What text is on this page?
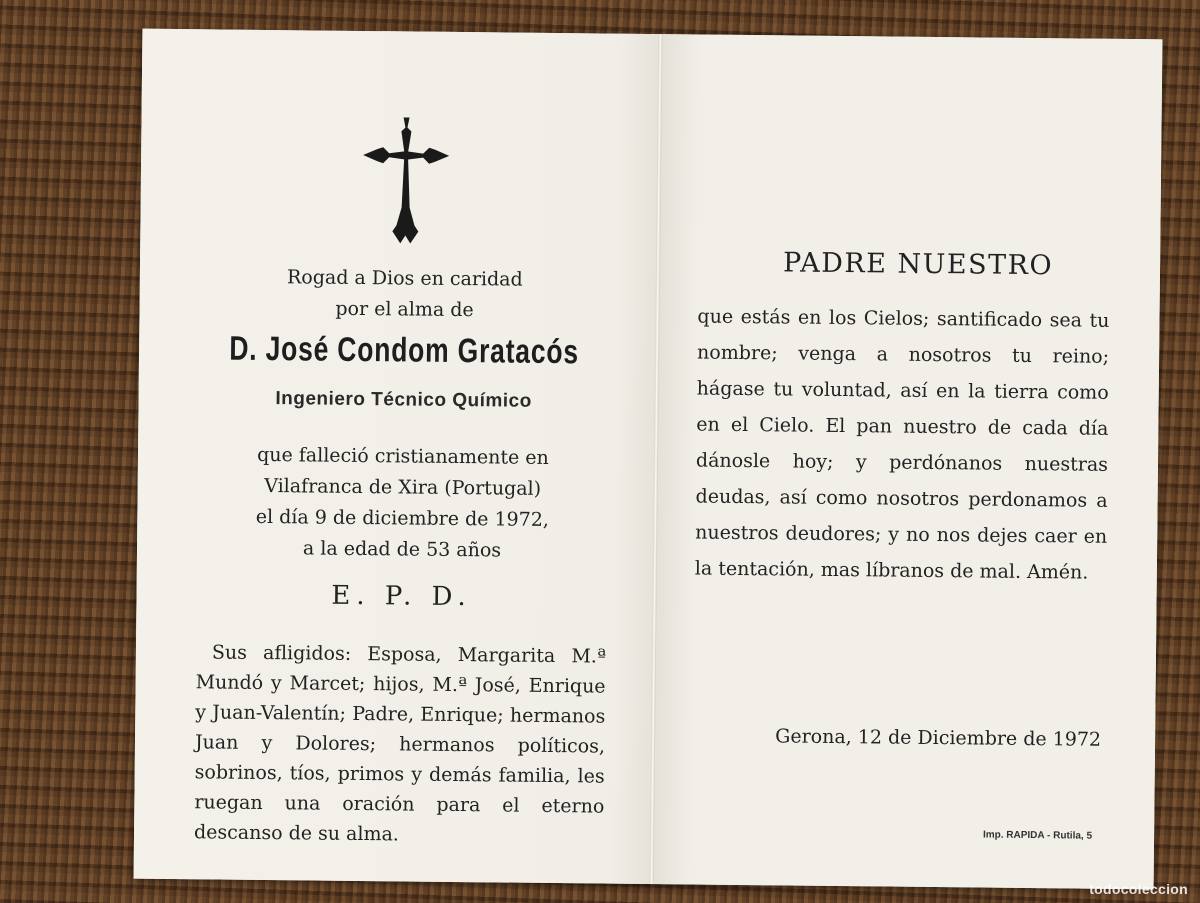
Rogad a Dios en caridad
por el alma de
D. José Condom Gratacós
Ingeniero Técnico Químico
que falleció cristianamente en
Vilafranca de Xira (Portugal)
el día 9 de diciembre de 1972,
a la edad de 53 años
E. P. D.
Sus afligidos: Esposa, Margarita M.ª Mundó y Marcet; hijos, M.ª José, Enrique y Juan-Valentín; Padre, Enrique; hermanos Juan y Dolores; hermanos políticos, sobrinos, tíos, primos y demás familia, les ruegan una oración para el eterno descanso de su alma.
PADRE NUESTRO
que estás en los Cielos; santificado sea tu nombre; venga a nosotros tu reino; hágase tu voluntad, así en la tierra como en el Cielo. El pan nuestro de cada día dánosle hoy; y perdónanos nuestras deudas, así como nosotros perdonamos a nuestros deudores; y no nos dejes caer en la tentación, mas líbranos de mal. Amén.
Gerona, 12 de Diciembre de 1972
Imp. RAPIDA - Rutila, 5
todocoleccion
